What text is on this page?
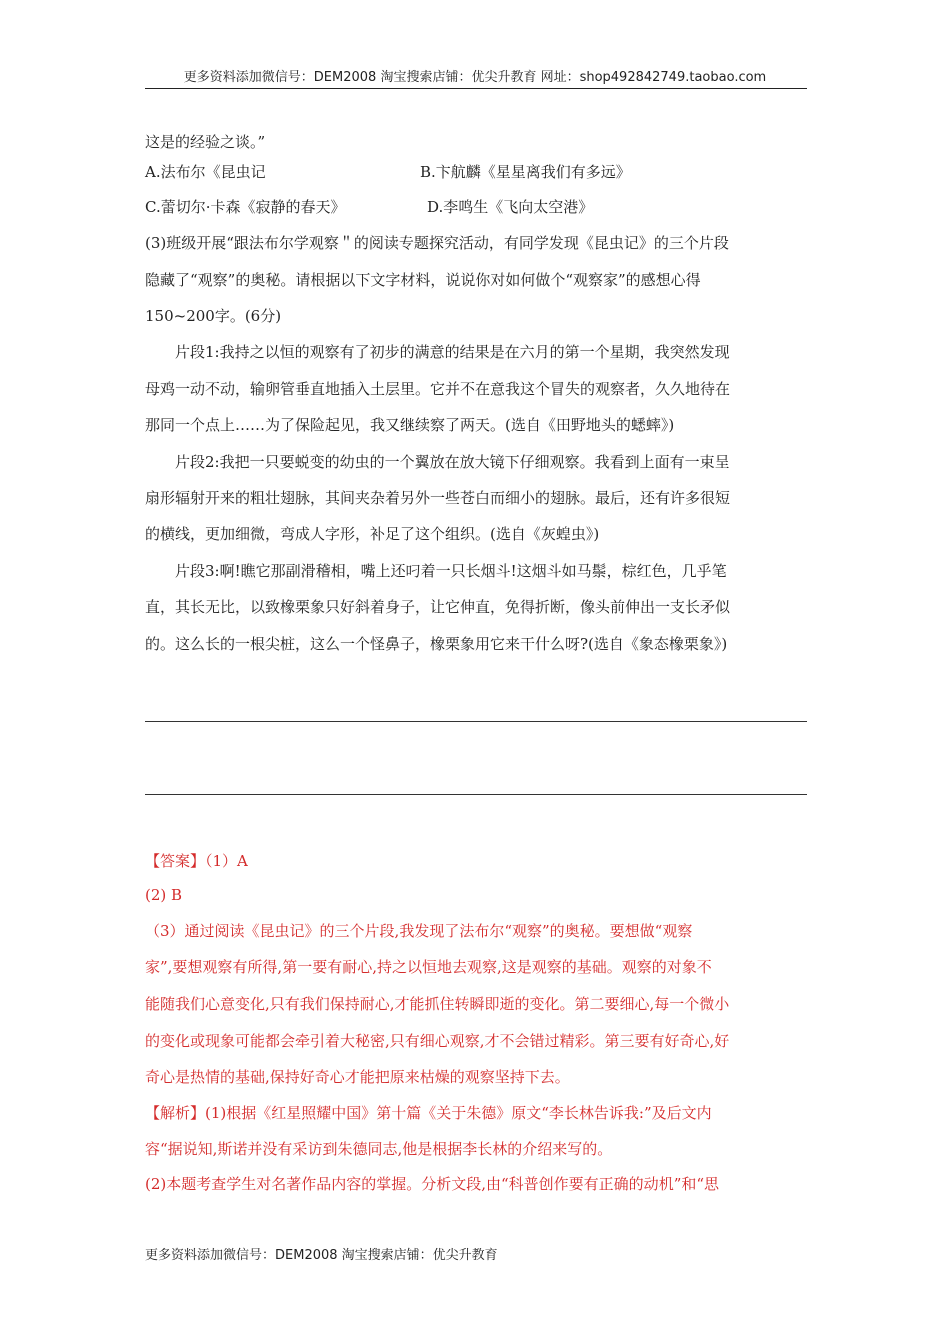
更多资料添加微信号：DEM2008 淘宝搜索店铺：优尖升教育 网址：shop492842749.taobao.com
这是的经验之谈。”
A.法布尔《昆虫记	B.卞航麟《星星离我们有多远》
C.蕾切尔·卡森《寂静的春天》	D.李鸣生《飞向太空港》
(3)班级开展“跟法布尔学观察＂的阅读专题探究活动，有同学发现《昆虫记》的三个片段
隐藏了“观察”的奥秘。请根据以下文字材料，说说你对如何做个“观察家”的感想心得
150~200字。(6分)
片段1:我持之以恒的观察有了初步的满意的结果是在六月的第一个星期，我突然发现
母鸡一动不动，输卵管垂直地插入土层里。它并不在意我这个冒失的观察者，久久地待在
那同一个点上……为了保险起见，我又继续察了两天。(选自《田野地头的蟋蟀》)
片段2:我把一只要蜕变的幼虫的一个翼放在放大镜下仔细观察。我看到上面有一束呈
扇形辐射开来的粗壮翅脉，其间夹杂着另外一些苍白而细小的翅脉。最后，还有许多很短
的横线，更加细微，弯成人字形，补足了这个组织。(选自《灰蝗虫》)
片段3:啊!瞧它那副滑稽相，嘴上还叼着一只长烟斗!这烟斗如马鬃，棕红色，几乎笔
直，其长无比，以致橡栗象只好斜着身子，让它伸直，免得折断，像头前伸出一支长矛似
的。这么长的一根尖桩，这么一个怪鼻子，橡栗象用它来干什么呀?(选自《象态橡栗象》)
【答案】（1）A
(2) B
（3）通过阅读《昆虫记》的三个片段,我发现了法布尔“观察”的奥秘。要想做“观察
家”,要想观察有所得,第一要有耐心,持之以恒地去观察,这是观察的基础。观察的对象不
能随我们心意变化,只有我们保持耐心,才能抓住转瞬即逝的变化。第二要细心,每一个微小
的变化或现象可能都会牵引着大秘密,只有细心观察,才不会错过精彩。第三要有好奇心,好
奇心是热情的基础,保持好奇心才能把原来枯燥的观察坚持下去。
【解析】(1)根据《红星照耀中国》第十篇《关于朱德》原文“李长林告诉我:”及后文内
容“据说知,斯诺并没有采访到朱德同志,他是根据李长林的介绍来写的。
(2)本题考查学生对名著作品内容的掌握。分析文段,由“科普创作要有正确的动机”和“思
更多资料添加微信号：DEM2008 淘宝搜索店铺：优尖升教育
